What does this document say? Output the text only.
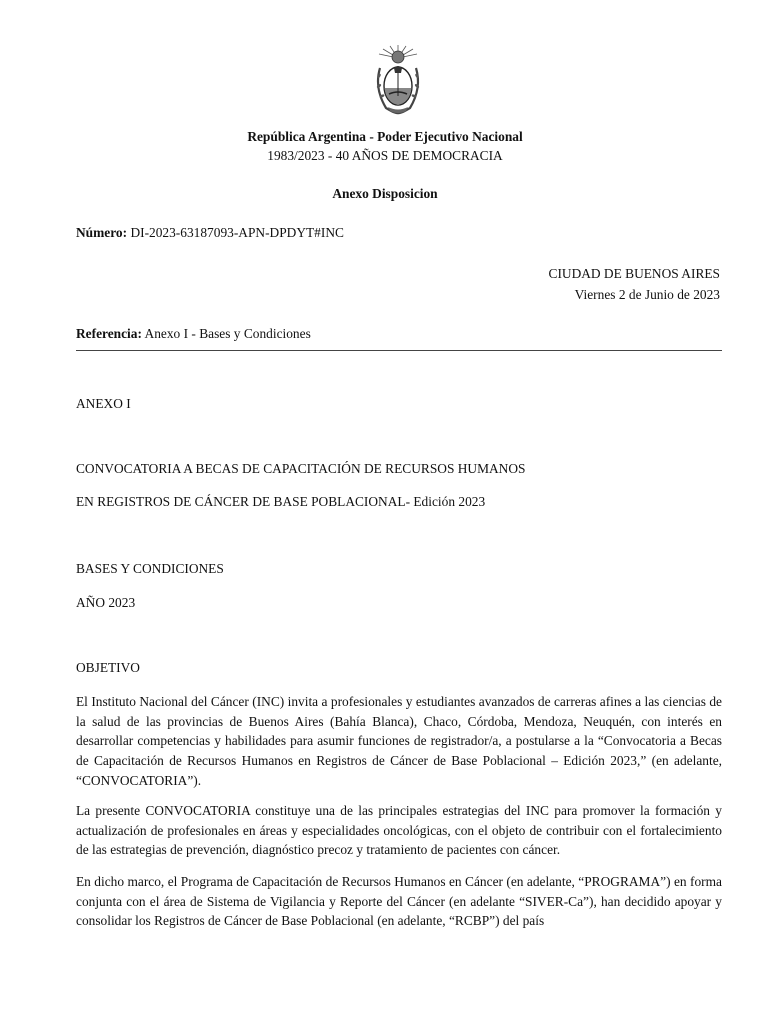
República Argentina - Poder Ejecutivo Nacional
1983/2023 - 40 AÑOS DE DEMOCRACIA
Anexo Disposicion
Número: DI-2023-63187093-APN-DPDYT#INC
CIUDAD DE BUENOS AIRES
Viernes 2 de Junio de 2023
Referencia: Anexo I - Bases y Condiciones
ANEXO I
CONVOCATORIA A BECAS DE CAPACITACIÓN DE RECURSOS HUMANOS
EN REGISTROS DE CÁNCER DE BASE POBLACIONAL- Edición 2023
BASES Y CONDICIONES
AÑO 2023
OBJETIVO
El Instituto Nacional del Cáncer (INC) invita a profesionales y estudiantes avanzados de carreras afines a las ciencias de la salud de las provincias de Buenos Aires (Bahía Blanca), Chaco, Córdoba, Mendoza, Neuquén, con interés en desarrollar competencias y habilidades para asumir funciones de registrador/a, a postularse a la “Convocatoria a Becas de Capacitación de Recursos Humanos en Registros de Cáncer de Base Poblacional – Edición 2023,” (en adelante, “CONVOCATORIA”).
La presente CONVOCATORIA constituye una de las principales estrategias del INC para promover la formación y actualización de profesionales en áreas y especialidades oncológicas, con el objeto de contribuir con el fortalecimiento de las estrategias de prevención, diagnóstico precoz y tratamiento de pacientes con cáncer.
En dicho marco, el Programa de Capacitación de Recursos Humanos en Cáncer (en adelante, “PROGRAMA”) en forma conjunta con el área de Sistema de Vigilancia y Reporte del Cáncer (en adelante “SIVER-Ca”), han decidido apoyar y consolidar los Registros de Cáncer de Base Poblacional (en adelante, “RCBP”) del país
